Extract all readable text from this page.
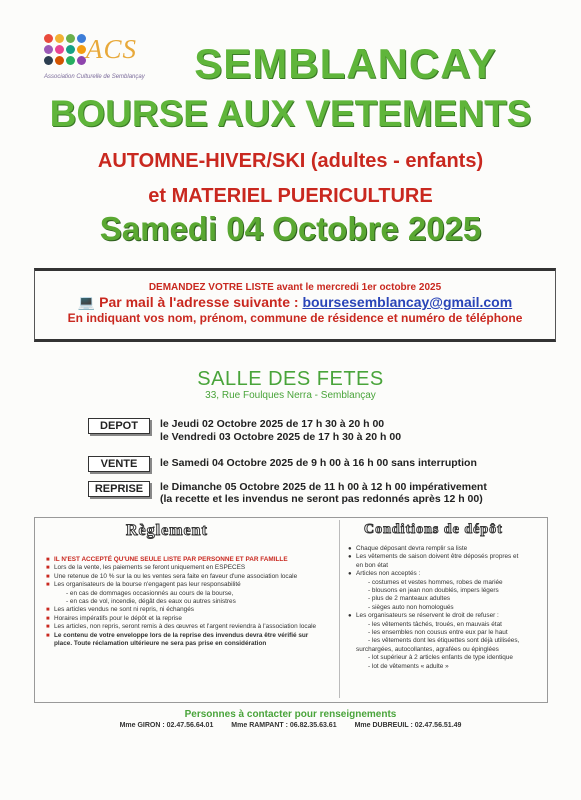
ACS
Association Culturelle de Semblançay	SEMBLANCAY
BOURSE AUX VETEMENTS
AUTOMNE-HIVER/SKI (adultes - enfants)
et MATERIEL PUERICULTURE
Samedi 04 Octobre 2025
DEMANDEZ VOTRE LISTE avant le mercredi 1er octobre 2025
💻 Par mail à l'adresse suivante : boursesemblancay@gmail.com
En indiquant vos nom, prénom, commune de résidence et numéro de téléphone
SALLE DES FETES
33, Rue Foulques Nerra - Semblançay
DEPOT	le Jeudi 02 Octobre 2025 de 17 h 30 à 20 h 00
le Vendredi 03 Octobre 2025 de 17 h 30 à 20 h 00
VENTE	le Samedi 04 Octobre 2025 de 9 h 00 à 16 h 00 sans interruption
REPRISE	le Dimanche 05 Octobre 2025 de 11 h 00 à 12 h 00 impérativement
(la recette et les invendus ne seront pas redonnés après 12 h 00)
Règlement	Conditions de dépôt
■ IL N'EST ACCEPTÉ QU'UNE SEULE LISTE PAR PERSONNE ET PAR FAMILLE
■ Lors de la vente, les paiements se feront uniquement en ESPECES
■ Une retenue de 10 % sur la ou les ventes sera faite en faveur d'une association locale
■ Les organisateurs de la bourse n'engagent pas leur responsabilité
- en cas de dommages occasionnés au cours de la bourse,
- en cas de vol, incendie, dégât des eaux ou autres sinistres
■ Les articles vendus ne sont ni repris, ni échangés
■ Horaires impératifs pour le dépôt et la reprise
■ Les articles, non repris, seront remis à des œuvres et l'argent reviendra à l'association locale
■ Le contenu de votre enveloppe lors de la reprise des invendus devra être vérifié sur
place. Toute réclamation ultérieure ne sera pas prise en considération
● Chaque déposant devra remplir sa liste
● Les vêtements de saison doivent être déposés propres et
en bon état
● Articles non acceptés :
- costumes et vestes hommes, robes de mariée
- blousons en jean non doublés, impers légers
- plus de 2 manteaux adultes
- sièges auto non homologués
● Les organisateurs se réservent le droit de refuser :
- les vêtements tâchés, troués, en mauvais état
- les ensembles non cousus entre eux par le haut
- les vêtements dont les étiquettes sont déjà utilisées,
surchargées, autocollantes, agrafées ou épinglées
- lot supérieur à 2 articles enfants de type identique
- lot de vêtements « adulte »
Personnes à contacter pour renseignements
Mme GIRON : 02.47.56.64.01	Mme RAMPANT : 06.82.35.63.61	Mme DUBREUIL : 02.47.56.51.49
